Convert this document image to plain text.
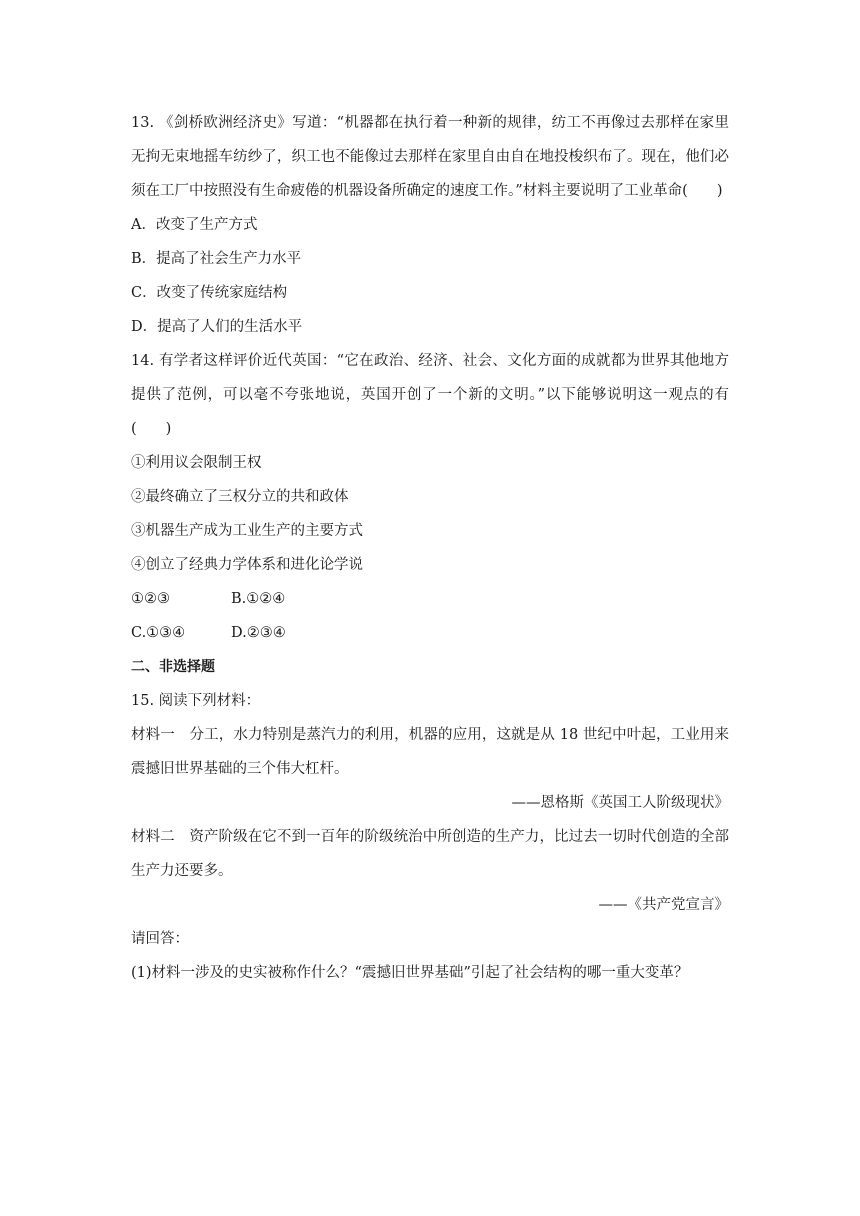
13. 《剑桥欧洲经济史》写道：“机器都在执行着一种新的规律，纺工不再像过去那样在家里无拘无束地摇车纺纱了，织工也不能像过去那样在家里自由自在地投梭织布了。现在，他们必须在工厂中按照没有生命疲倦的机器设备所确定的速度工作。”材料主要说明了工业革命(　　)

A．改变了生产方式

B．提高了社会生产力水平

C．改变了传统家庭结构

D．提高了人们的生活水平

14. 有学者这样评价近代英国：“它在政治、经济、社会、文化方面的成就都为世界其他地方提供了范例，可以毫不夸张地说，英国开创了一个新的文明。”以下能够说明这一观点的有 (　　)

①利用议会限制王权

②最终确立了三权分立的共和政体

③机器生产成为工业生产的主要方式

④创立了经典力学体系和进化论学说

①②③	B.①②④
C.①③④	D.②③④

二、非选择题

15. 阅读下列材料：

材料一　分工，水力特别是蒸汽力的利用，机器的应用，这就是从 18 世纪中叶起，工业用来震撼旧世界基础的三个伟大杠杆。

——恩格斯《英国工人阶级现状》

材料二　资产阶级在它不到一百年的阶级统治中所创造的生产力，比过去一切时代创造的全部生产力还要多。

——《共产党宣言》

请回答：

(1)材料一涉及的史实被称作什么？“震撼旧世界基础”引起了社会结构的哪一重大变革？
